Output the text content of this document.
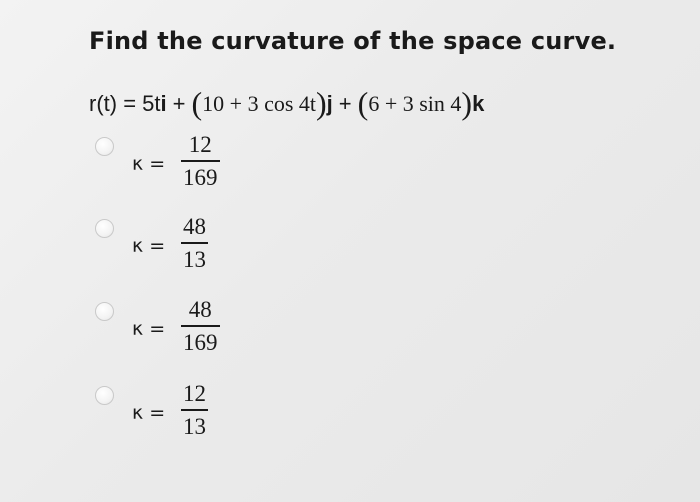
Find the curvature of the space curve.
r(t) = 5t i + ( 10 + 3 cos 4t ) j + ( 6 + 3 sin 4 ) k
$\kappa = \frac{12}{169}$
$\kappa = \frac{48}{13}$
$\kappa = \frac{48}{169}$
$\kappa = \frac{12}{13}$
